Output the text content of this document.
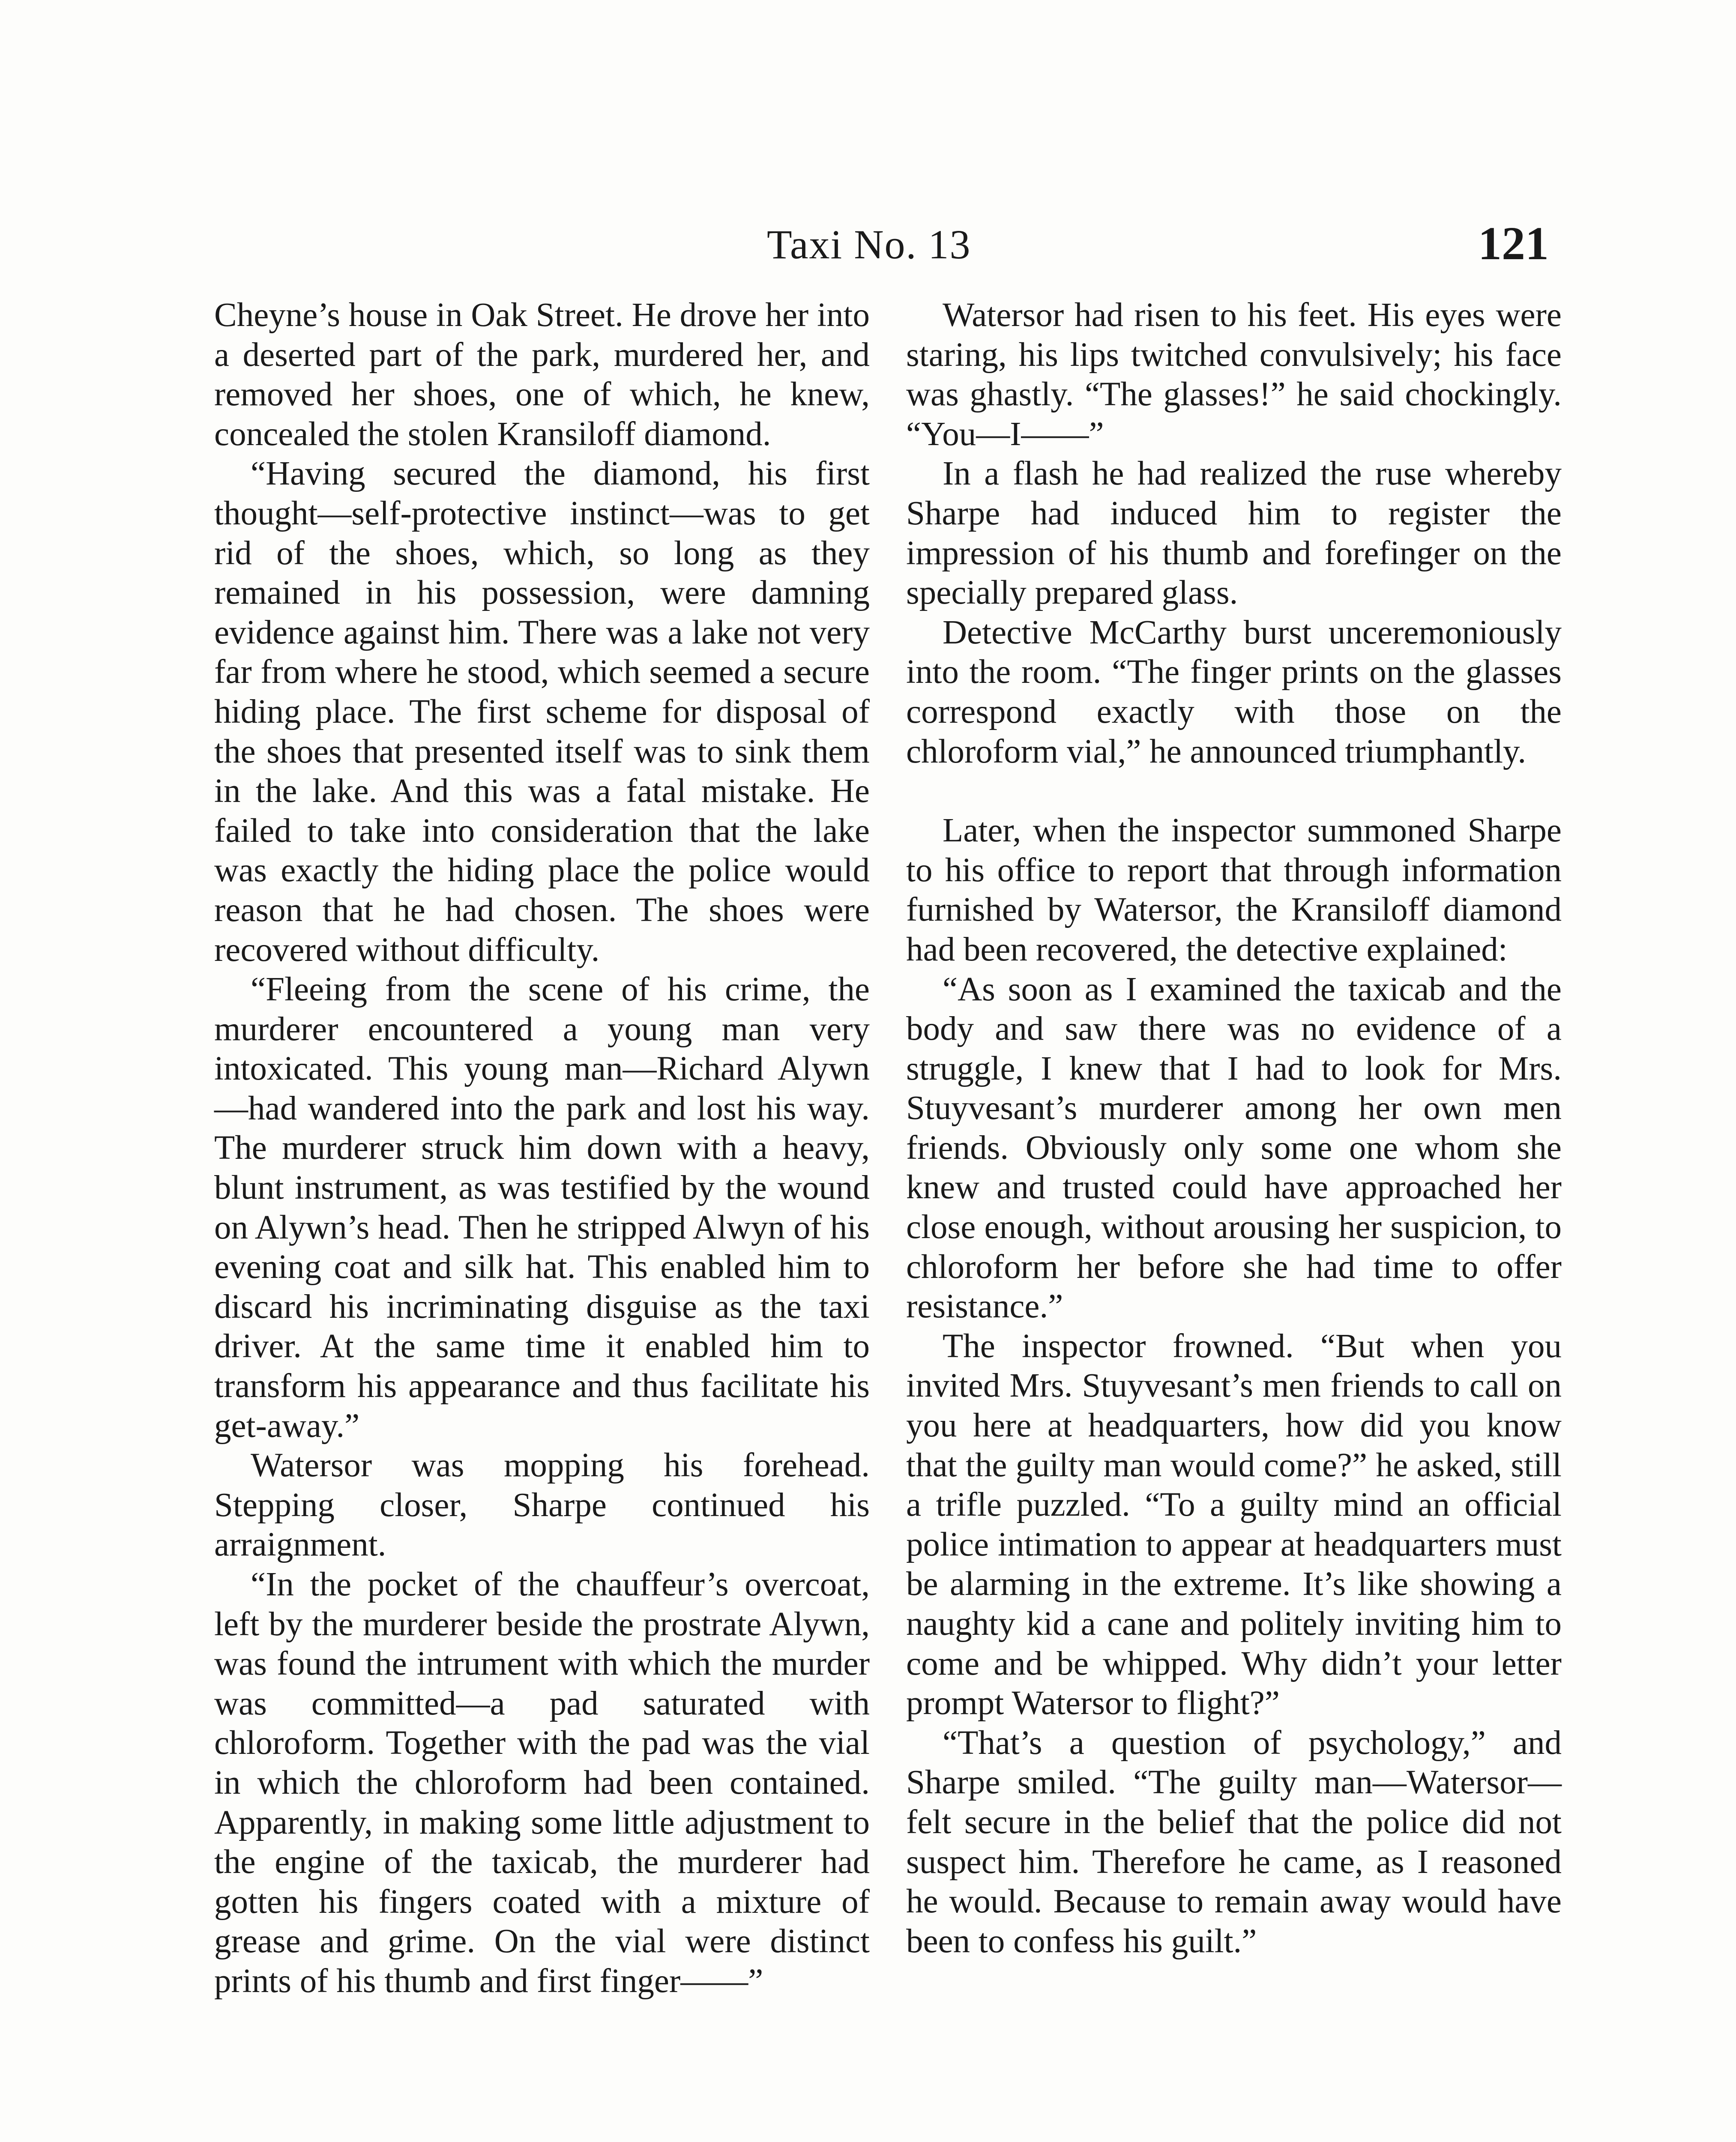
Taxi No. 13	121

Cheyne’s house in Oak Street. He drove her into a deserted part of the park, murdered her, and removed her shoes, one of which, he knew, concealed the stolen Kransiloff diamond.

“Having secured the diamond, his first thought—self-protective instinct—was to get rid of the shoes, which, so long as they remained in his possession, were damning evidence against him. There was a lake not very far from where he stood, which seemed a secure hiding place. The first scheme for disposal of the shoes that presented itself was to sink them in the lake. And this was a fatal mistake. He failed to take into consideration that the lake was exactly the hiding place the police would reason that he had chosen. The shoes were recovered without difficulty.

“Fleeing from the scene of his crime, the murderer encountered a young man very intoxicated. This young man—Richard Alywn—had wandered into the park and lost his way. The murderer struck him down with a heavy, blunt instrument, as was testified by the wound on Alywn’s head. Then he stripped Alwyn of his evening coat and silk hat. This enabled him to discard his incriminating disguise as the taxi driver. At the same time it enabled him to transform his appearance and thus facilitate his get-away.”

Watersor was mopping his forehead. Stepping closer, Sharpe continued his arraignment.

“In the pocket of the chauffeur’s overcoat, left by the murderer beside the prostrate Alywn, was found the intrument with which the murder was committed—a pad saturated with chloroform. Together with the pad was the vial in which the chloroform had been contained. Apparently, in making some little adjustment to the engine of the taxicab, the murderer had gotten his fingers coated with a mixture of grease and grime. On the vial were distinct prints of his thumb and first finger——”

Watersor had risen to his feet. His eyes were staring, his lips twitched convulsively; his face was ghastly. “The glasses!” he said chockingly. “You—I——”

In a flash he had realized the ruse whereby Sharpe had induced him to register the impression of his thumb and forefinger on the specially prepared glass.

Detective McCarthy burst unceremoniously into the room. “The finger prints on the glasses correspond exactly with those on the chloroform vial,” he announced triumphantly.

Later, when the inspector summoned Sharpe to his office to report that through information furnished by Watersor, the Kransiloff diamond had been recovered, the detective explained:

“As soon as I examined the taxicab and the body and saw there was no evidence of a struggle, I knew that I had to look for Mrs. Stuyvesant’s murderer among her own men friends. Obviously only some one whom she knew and trusted could have approached her close enough, without arousing her suspicion, to chloroform her before she had time to offer resistance.”

The inspector frowned. “But when you invited Mrs. Stuyvesant’s men friends to call on you here at headquarters, how did you know that the guilty man would come?” he asked, still a trifle puzzled. “To a guilty mind an official police intimation to appear at headquarters must be alarming in the extreme. It’s like showing a naughty kid a cane and politely inviting him to come and be whipped. Why didn’t your letter prompt Watersor to flight?”

“That’s a question of psychology,” and Sharpe smiled. “The guilty man—Watersor—felt secure in the belief that the police did not suspect him. Therefore he came, as I reasoned he would. Because to remain away would have been to confess his guilt.”
